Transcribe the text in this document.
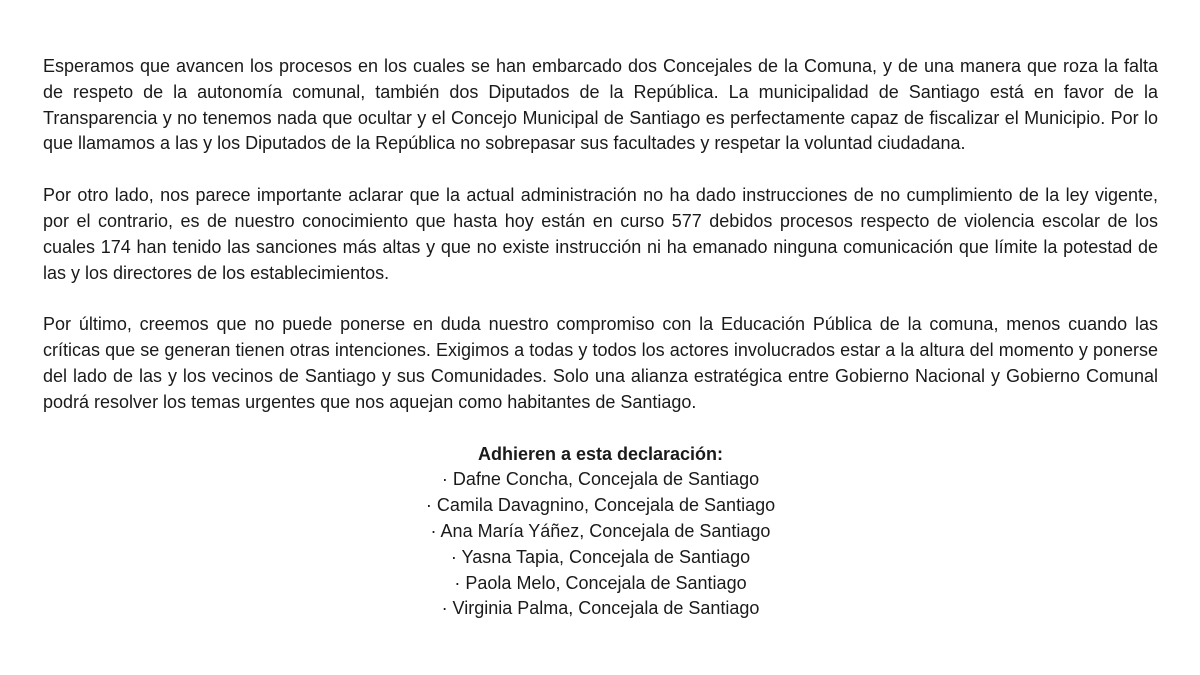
Esperamos que avancen los procesos en los cuales se han embarcado dos Concejales de la Comuna, y de una manera que roza la falta de respeto de la autonomía comunal, también dos Diputados de la República. La municipalidad de Santiago está en favor de la Transparencia y no tenemos nada que ocultar y el Concejo Municipal de Santiago es perfectamente capaz de fiscalizar el Municipio. Por lo que llamamos a las y los Diputados de la República no sobrepasar sus facultades y respetar la voluntad ciudadana.

Por otro lado, nos parece importante aclarar que la actual administración no ha dado instrucciones de no cumplimiento de la ley vigente, por el contrario, es de nuestro conocimiento que hasta hoy están en curso 577 debidos procesos respecto de violencia escolar de los cuales 174 han tenido las sanciones más altas y que no existe instrucción ni ha emanado ninguna comunicación que límite la potestad de las y los directores de los establecimientos.

Por último, creemos que no puede ponerse en duda nuestro compromiso con la Educación Pública de la comuna, menos cuando las críticas que se generan tienen otras intenciones. Exigimos a todas y todos los actores involucrados estar a la altura del momento y ponerse del lado de las y los vecinos de Santiago y sus Comunidades. Solo una alianza estratégica entre Gobierno Nacional y Gobierno Comunal podrá resolver los temas urgentes que nos aquejan como habitantes de Santiago.

Adhieren a esta declaración:

· Dafne Concha, Concejala de Santiago

· Camila Davagnino, Concejala de Santiago

· Ana María Yáñez, Concejala de Santiago

· Yasna Tapia, Concejala de Santiago

· Paola Melo, Concejala de Santiago

· Virginia Palma, Concejala de Santiago
